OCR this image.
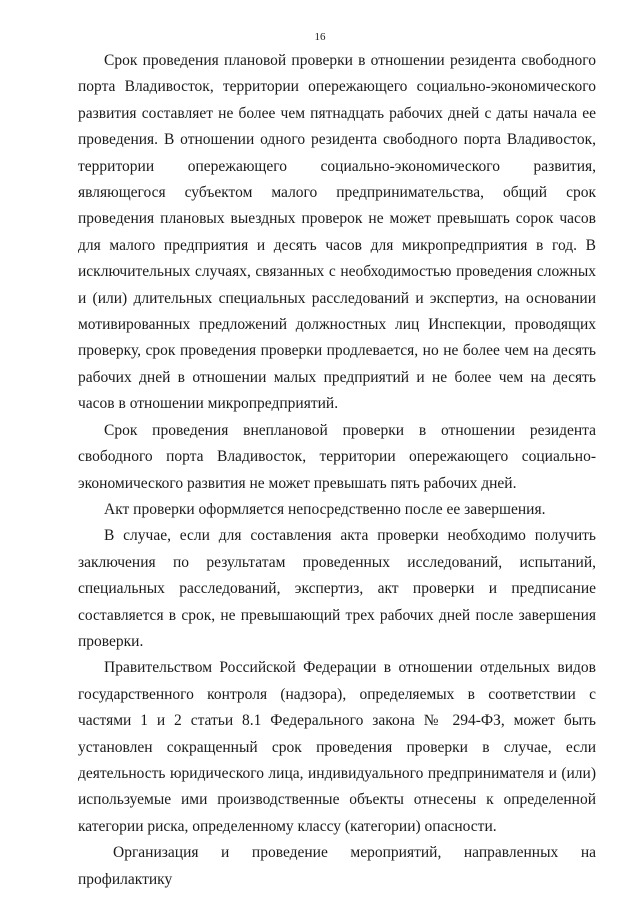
16

Срок проведения плановой проверки в отношении резидента свободного порта Владивосток, территории опережающего социально-экономического развития составляет не более чем пятнадцать рабочих дней с даты начала ее проведения. В отношении одного резидента свободного порта Владивосток, территории опережающего социально-экономического развития, являющегося субъектом малого предпринимательства, общий срок проведения плановых выездных проверок не может превышать сорок часов для малого предприятия и десять часов для микропредприятия в год. В исключительных случаях, связанных с необходимостью проведения сложных и (или) длительных специальных расследований и экспертиз, на основании мотивированных предложений должностных лиц Инспекции, проводящих проверку, срок проведения проверки продлевается, но не более чем на десять рабочих дней в отношении малых предприятий и не более чем на десять часов в отношении микропредприятий.

Срок проведения внеплановой проверки в отношении резидента свободного порта Владивосток, территории опережающего социально-экономического развития не может превышать пять рабочих дней.

Акт проверки оформляется непосредственно после ее завершения.

В случае, если для составления акта проверки необходимо получить заключения по результатам проведенных исследований, испытаний, специальных расследований, экспертиз, акт проверки и предписание составляется в срок, не превышающий трех рабочих дней после завершения проверки.

Правительством Российской Федерации в отношении отдельных видов государственного контроля (надзора), определяемых в соответствии с частями 1 и 2 статьи 8.1 Федерального закона № 294-ФЗ, может быть установлен сокращенный срок проведения проверки в случае, если деятельность юридического лица, индивидуального предпринимателя и (или) используемые ими производственные объекты отнесены к определенной категории риска, определенному классу (категории) опасности.

Организация и проведение мероприятий, направленных на профилактику
